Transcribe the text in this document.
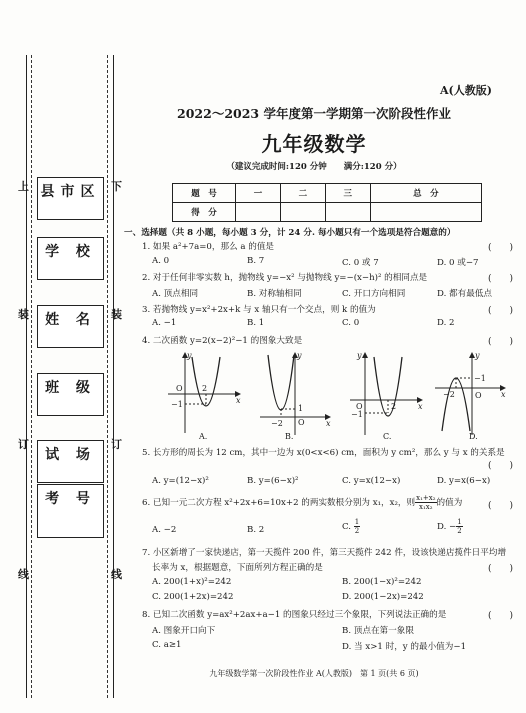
上	下
装	装
订	订
线	线
县市区
学 校
姓 名
班 级
试 场
考 号
A(人教版)
2022～2023 学年度第一学期第一次阶段性作业
九年级数学
（建议完成时间:120 分钟　　满分:120 分）
题　号	一	二	三	总　分
得　分				
一、选择题（共 8 小题，每小题 3 分，计 24 分. 每小题只有一个选项是符合题意的）
1. 如果 a²+7a=0，那么 a 的值是	(　　)
A. 0	B. 7	C. 0 或 7	D. 0 或−7
2. 对于任何非零实数 h，抛物线 y=−x² 与抛物线 y=−(x−h)² 的相同点是	(　　)
A. 顶点相同	B. 对称轴相同	C. 开口方向相同	D. 都有最低点
3. 若抛物线 y=x²+2x+k 与 x 轴只有一个交点，则 k 的值为	(　　)
A. −1	B. 1	C. 0	D. 2
4. 二次函数 y=2(x−2)²−1 的图象大致是	(　　)
y
x
O 2
−1
y
x
O
−2
1
y
x
O	2
−1
y
x
O
−2
−1
A.	B.	C.	D.
5. 长方形的周长为 12 cm，其中一边为 x(0<x<6) cm，面积为 y cm²，那么 y 与 x 的关系是
(　　)
A. y=(12−x)²	B. y=(6−x)²	C. y=x(12−x)	D. y=x(6−x)
6. 已知一元二次方程 x²+2x+6=10x+2 的两实数根分别为 x₁，x₂，则 $\frac{\text{x₁+x₂}}{\text{x₁x₂}}$ 的值为	(　　)
A. −2	B. 2	C. $\frac{1}{2}$	D. − $\frac{1}{2}$
7. 小区新增了一家快递店，第一天揽件 200 件，第三天揽件 242 件，设该快递店揽件日平均增
长率为 x，根据题意，下面所列方程正确的是	(　　)
A. 200(1+x)²=242	B. 200(1−x)²=242
C. 200(1+2x)=242	D. 200(1−2x)=242
8. 已知二次函数 y=ax²+2ax+a−1 的图象只经过三个象限，下列说法正确的是	(　　)
A. 图象开口向下	B. 顶点在第一象限
C. a≥1	D. 当 x>1 时，y 的最小值为−1
九年级数学第一次阶段性作业 A(人教版)　第 1 页(共 6 页)
